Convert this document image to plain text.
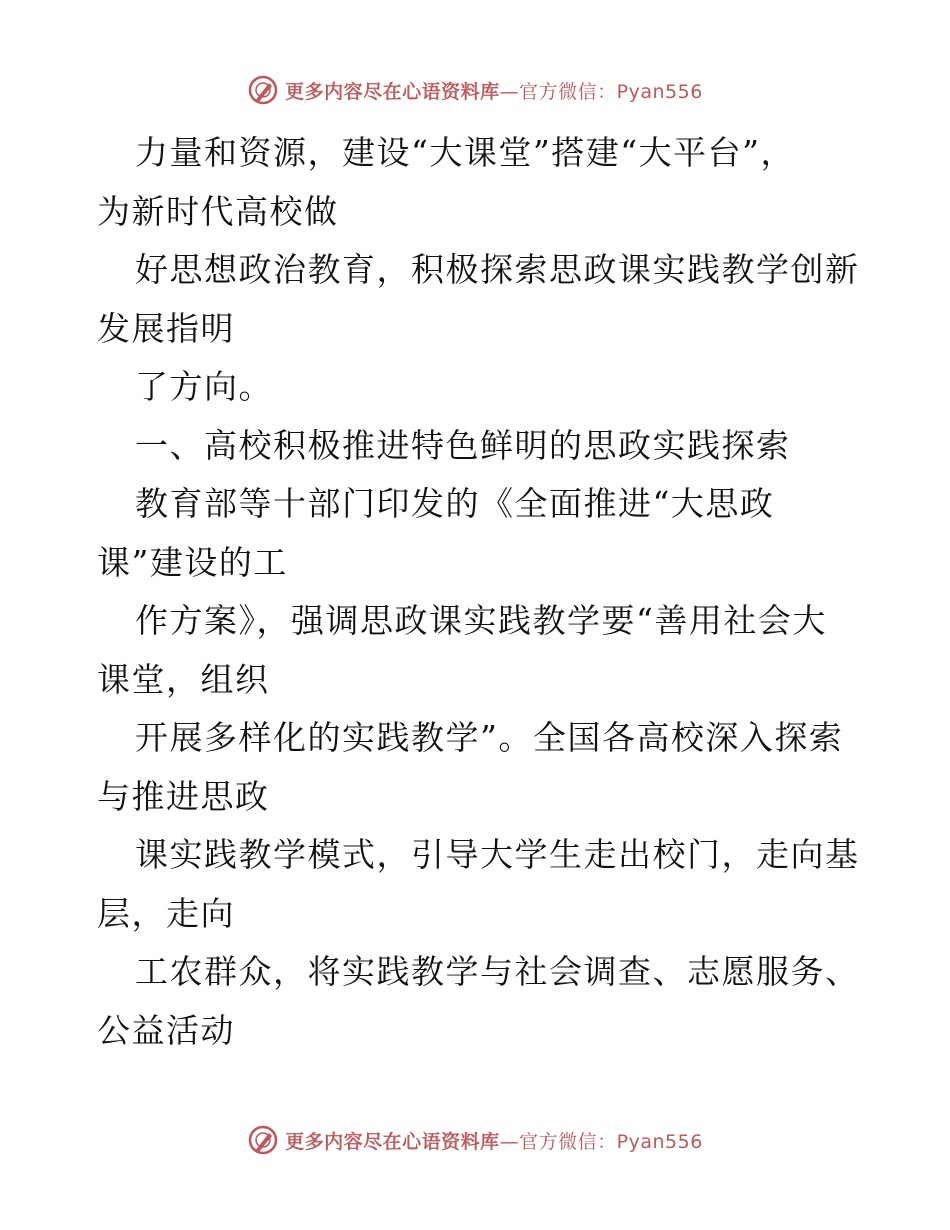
更多内容尽在心语资料库—官方微信：Pyan556
力量和资源，建设“大课堂”搭建“大平台”，
为新时代高校做
好思想政治教育，积极探索思政课实践教学创新
发展指明
了方向。
一、高校积极推进特色鲜明的思政实践探索
教育部等十部门印发的《全面推进“大思政
课”建设的工
作方案》，强调思政课实践教学要“善用社会大
课堂，组织
开展多样化的实践教学”。全国各高校深入探索
与推进思政
课实践教学模式，引导大学生走出校门，走向基
层，走向
工农群众，将实践教学与社会调查、志愿服务、
公益活动
更多内容尽在心语资料库—官方微信：Pyan556
